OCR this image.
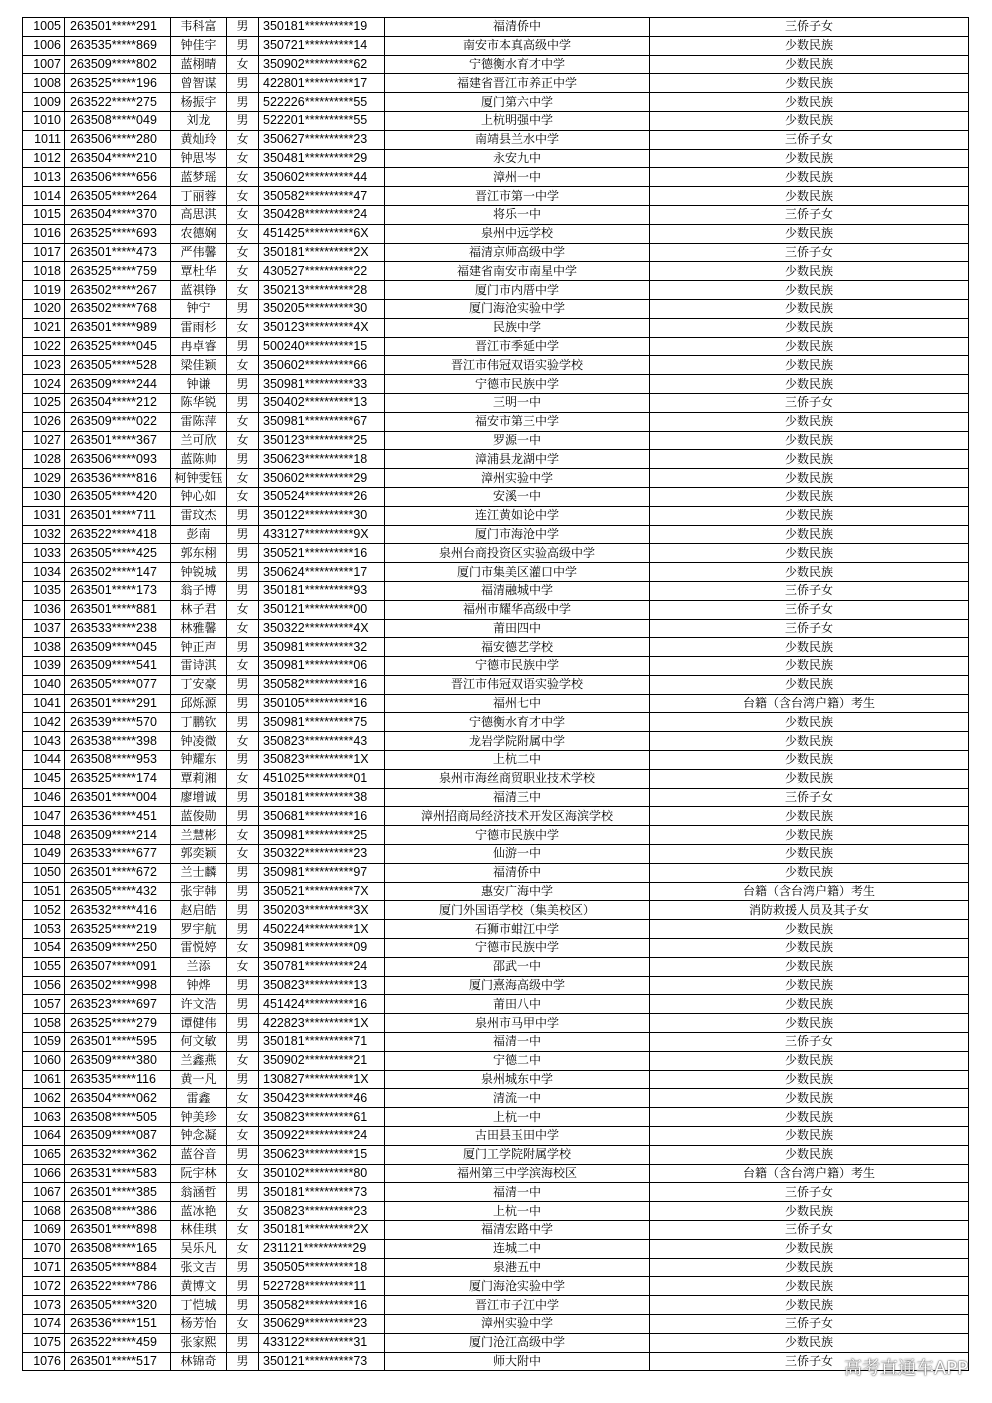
1005	263501*****291	韦科富	男	350181**********19	福清侨中	三侨子女
1006	263535*****869	钟佳宇	男	350721**********14	南安市本真高级中学	少数民族
1007	263509*****802	蓝栩晴	女	350902**********62	宁德衡水育才中学	少数民族
1008	263525*****196	曾智谋	男	422801**********17	福建省晋江市养正中学	少数民族
1009	263522*****275	杨振宇	男	522226**********55	厦门第六中学	少数民族
1010	263508*****049	刘龙	男	522201**********55	上杭明强中学	少数民族
1011	263506*****280	黄灿玲	女	350627**********23	南靖县兰水中学	三侨子女
1012	263504*****210	钟思岑	女	350481**********29	永安九中	少数民族
1013	263506*****656	蓝梦瑶	女	350602**********44	漳州一中	少数民族
1014	263505*****264	丁丽蓉	女	350582**********47	晋江市第一中学	少数民族
1015	263504*****370	高思淇	女	350428**********24	将乐一中	三侨子女
1016	263525*****693	农德娴	女	451425**********6X	泉州中远学校	少数民族
1017	263501*****473	严伟馨	女	350181**********2X	福清京师高级中学	三侨子女
1018	263525*****759	覃杜华	女	430527**********22	福建省南安市南星中学	少数民族
1019	263502*****267	蓝祺铮	女	350213**********28	厦门市内厝中学	少数民族
1020	263502*****768	钟宁	男	350205**********30	厦门海沧实验中学	少数民族
1021	263501*****989	雷雨杉	女	350123**********4X	民族中学	少数民族
1022	263525*****045	冉卓睿	男	500240**********15	晋江市季延中学	少数民族
1023	263505*****528	梁佳颖	女	350602**********66	晋江市伟冠双语实验学校	少数民族
1024	263509*****244	钟谦	男	350981**********33	宁德市民族中学	少数民族
1025	263504*****212	陈华锐	男	350402**********13	三明一中	三侨子女
1026	263509*****022	雷陈萍	女	350981**********67	福安市第三中学	少数民族
1027	263501*****367	兰可欣	女	350123**********25	罗源一中	少数民族
1028	263506*****093	蓝陈帅	男	350623**********18	漳浦县龙湖中学	少数民族
1029	263536*****816	柯钟雯钰	女	350602**********29	漳州实验中学	少数民族
1030	263505*****420	钟心如	女	350524**********26	安溪一中	少数民族
1031	263501*****711	雷玟杰	男	350122**********30	连江黄如论中学	少数民族
1032	263522*****418	彭南	男	433127**********9X	厦门市海沧中学	少数民族
1033	263505*****425	郭东栩	男	350521**********16	泉州台商投资区实验高级中学	少数民族
1034	263502*****147	钟锐城	男	350624**********17	厦门市集美区灌口中学	少数民族
1035	263501*****173	翁子博	男	350181**********93	福清融城中学	三侨子女
1036	263501*****881	林子君	女	350121**********00	福州市耀华高级中学	三侨子女
1037	263533*****238	林雅馨	女	350322**********4X	莆田四中	三侨子女
1038	263509*****045	钟正声	男	350981**********32	福安德艺学校	少数民族
1039	263509*****541	雷诗淇	女	350981**********06	宁德市民族中学	少数民族
1040	263505*****077	丁安豪	男	350582**********16	晋江市伟冠双语实验学校	少数民族
1041	263501*****291	邱烁源	男	350105**********16	福州七中	台籍（含台湾户籍）考生
1042	263539*****570	丁鹏钦	男	350981**********75	宁德衡水育才中学	少数民族
1043	263538*****398	钟凌微	女	350823**********43	龙岩学院附属中学	少数民族
1044	263508*****953	钟耀东	男	350823**********1X	上杭二中	少数民族
1045	263525*****174	覃莉湘	女	451025**********01	泉州市海丝商贸职业技术学校	少数民族
1046	263501*****004	廖增诚	男	350181**********38	福清三中	三侨子女
1047	263536*****451	蓝俊勋	男	350681**********16	漳州招商局经济技术开发区海滨学校	少数民族
1048	263509*****214	兰慧彬	女	350981**********25	宁德市民族中学	少数民族
1049	263533*****677	郭奕颖	女	350322**********23	仙游一中	少数民族
1050	263501*****672	兰士麟	男	350981**********97	福清侨中	少数民族
1051	263505*****432	张宇韩	男	350521**********7X	惠安广海中学	台籍（含台湾户籍）考生
1052	263532*****416	赵启皓	男	350203**********3X	厦门外国语学校（集美校区）	消防救援人员及其子女
1053	263525*****219	罗宇航	男	450224**********1X	石狮市蚶江中学	少数民族
1054	263509*****250	雷悦婷	女	350981**********09	宁德市民族中学	少数民族
1055	263507*****091	兰添	女	350781**********24	邵武一中	少数民族
1056	263502*****998	钟烨	男	350823**********13	厦门熹海高级中学	少数民族
1057	263523*****697	许文浩	男	451424**********16	莆田八中	少数民族
1058	263525*****279	谭健伟	男	422823**********1X	泉州市马甲中学	少数民族
1059	263501*****595	何文敏	男	350181**********71	福清一中	三侨子女
1060	263509*****380	兰鑫燕	女	350902**********21	宁德二中	少数民族
1061	263535*****116	黄一凡	男	130827**********1X	泉州城东中学	少数民族
1062	263504*****062	雷鑫	女	350423**********46	清流一中	少数民族
1063	263508*****505	钟美珍	女	350823**********61	上杭一中	少数民族
1064	263509*****087	钟念凝	女	350922**********24	古田县玉田中学	少数民族
1065	263532*****362	蓝谷音	男	350623**********15	厦门工学院附属学校	少数民族
1066	263531*****583	阮宇林	女	350102**********80	福州第三中学滨海校区	台籍（含台湾户籍）考生
1067	263501*****385	翁涵哲	男	350181**********73	福清一中	三侨子女
1068	263508*****386	蓝冰艳	女	350823**********23	上杭一中	少数民族
1069	263501*****898	林佳琪	女	350181**********2X	福清宏路中学	三侨子女
1070	263508*****165	吴乐凡	女	231121**********29	连城二中	少数民族
1071	263505*****884	张文吉	男	350505**********18	泉港五中	少数民族
1072	263522*****786	黄博文	男	522728**********11	厦门海沧实验中学	少数民族
1073	263505*****320	丁恺城	男	350582**********16	晋江市子江中学	少数民族
1074	263536*****151	杨芳怡	女	350629**********23	漳州实验中学	三侨子女
1075	263522*****459	张家熙	男	433122**********31	厦门沧江高级中学	少数民族
1076	263501*****517	林锦奇	男	350121**********73	师大附中	三侨子女 高考直通车APP
